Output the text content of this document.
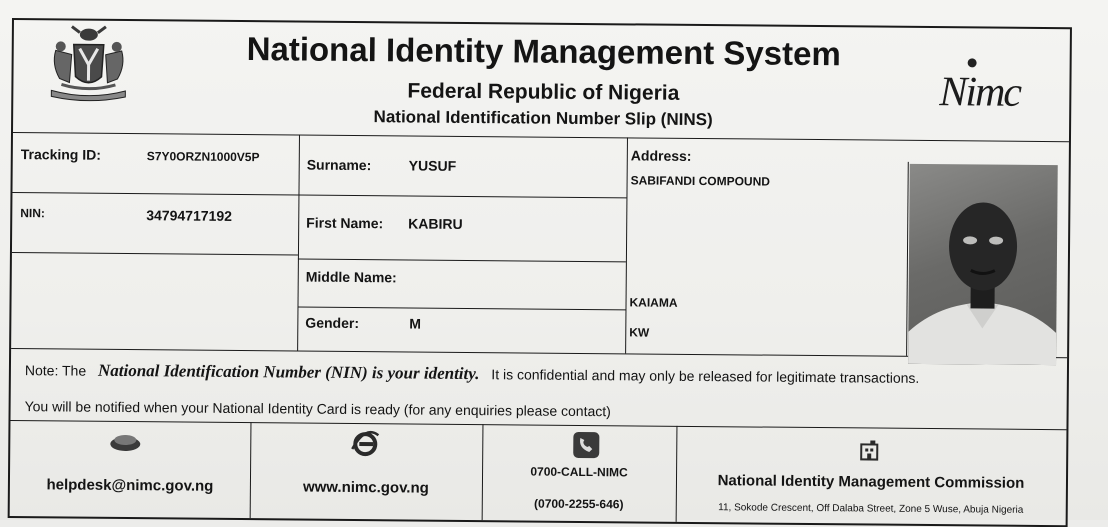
National Identity Management System
Federal Republic of Nigeria
National Identification Number Slip (NINS)
Nimc
Tracking ID:	S7Y0ORZN1000V5P
NIN:	34794717192
Surname:	YUSUF
First Name: KABIRU
Middle Name:
Gender:	M
Address:
SABIFANDI COMPOUND
KAIAMA
KW
Note: The National Identification Number (NIN) is your identity. It is confidential and may only be released for legitimate transactions.
You will be notified when your National Identity Card is ready (for any enquiries please contact)
helpdesk@nimc.gov.ng	www.nimc.gov.ng
0700-CALL-NIMC
(0700-2255-646)
National Identity Management Commission
11, Sokode Crescent, Off Dalaba Street, Zone 5 Wuse, Abuja Nigeria
